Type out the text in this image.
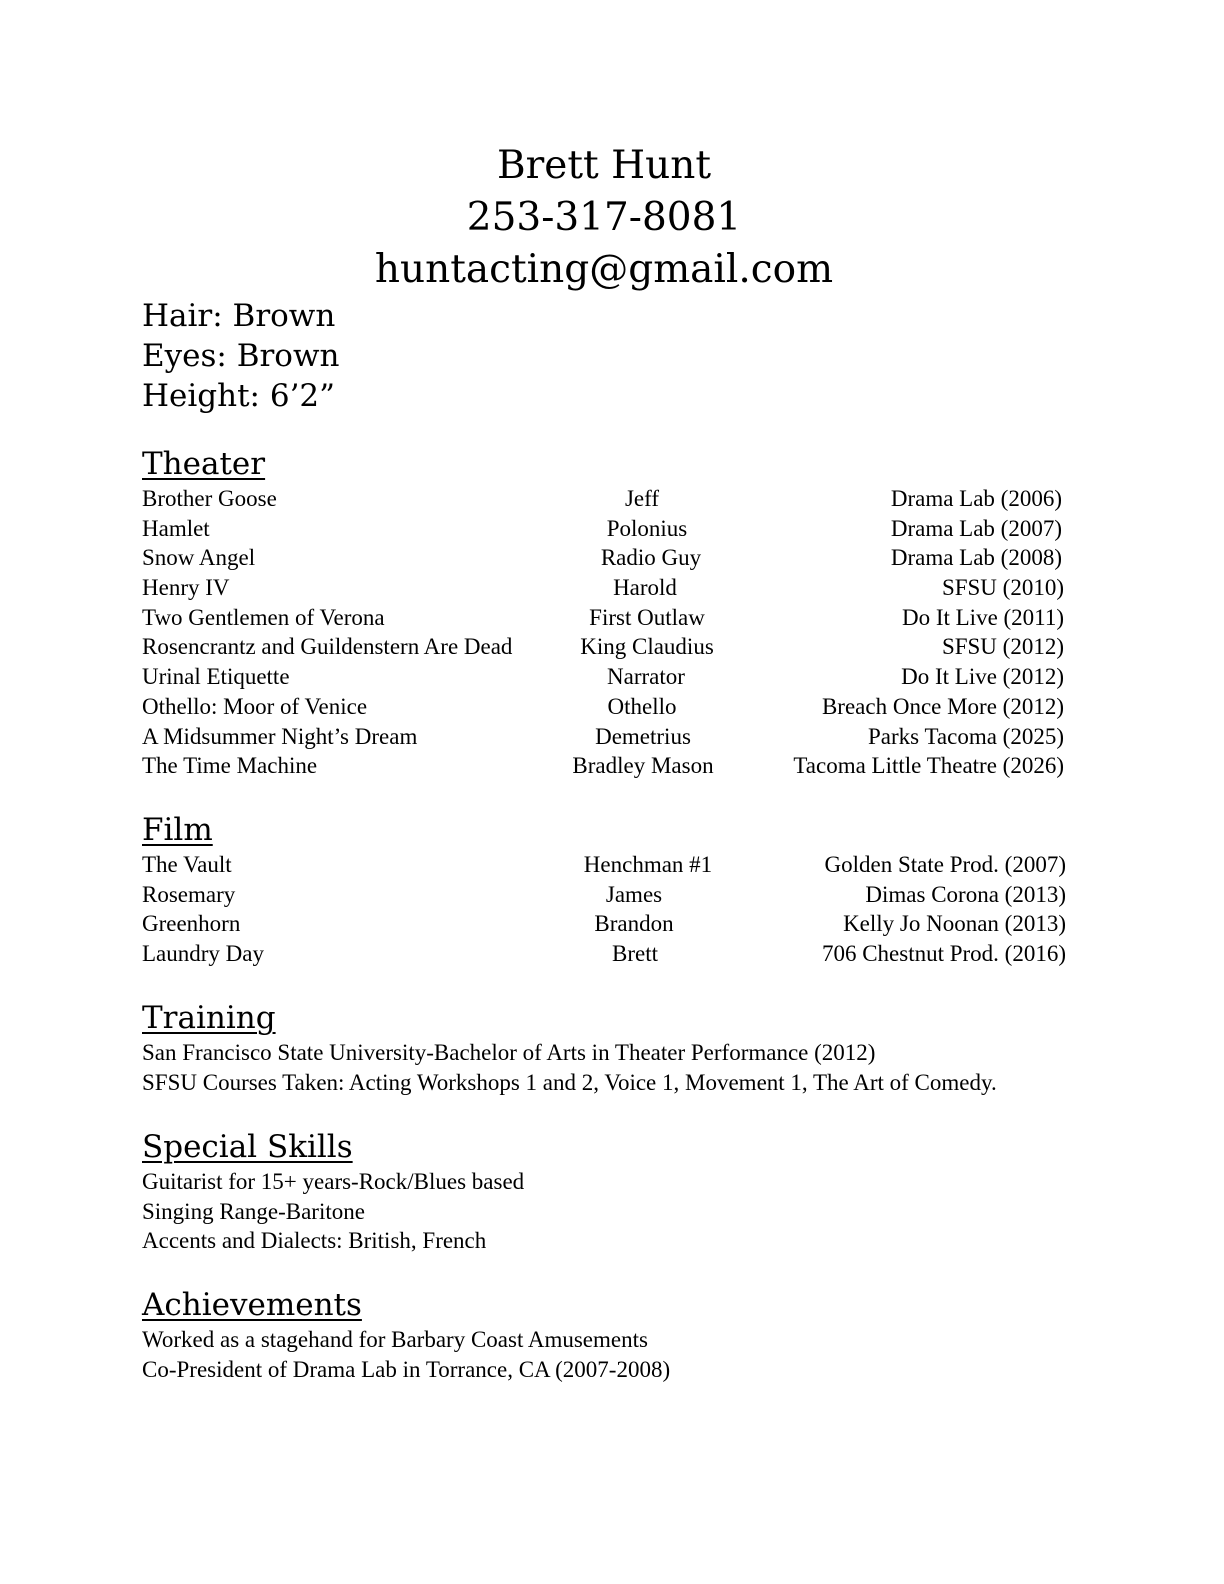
Brett Hunt
253-317-8081
huntacting@gmail.com
Hair: Brown
Eyes: Brown
Height: 6’2”
Theater
Brother Goose	Jeff	Drama Lab (2006)
Hamlet	Polonius	Drama Lab (2007)
Snow Angel	Radio Guy	Drama Lab (2008)
Henry IV	Harold	SFSU (2010)
Two Gentlemen of Verona	First Outlaw	Do It Live (2011)
Rosencrantz and Guildenstern Are Dead	King Claudius	SFSU (2012)
Urinal Etiquette	Narrator	Do It Live (2012)
Othello: Moor of Venice	Othello	Breach Once More (2012)
A Midsummer Night’s Dream	Demetrius	Parks Tacoma (2025)
The Time Machine	Bradley Mason	Tacoma Little Theatre (2026)
Film
The Vault	Henchman #1	Golden State Prod. (2007)
Rosemary	James	Dimas Corona (2013)
Greenhorn	Brandon	Kelly Jo Noonan (2013)
Laundry Day	Brett	706 Chestnut Prod. (2016)
Training
San Francisco State University-Bachelor of Arts in Theater Performance (2012)
SFSU Courses Taken: Acting Workshops 1 and 2, Voice 1, Movement 1, The Art of Comedy.
Special Skills
Guitarist for 15+ years-Rock/Blues based
Singing Range-Baritone
Accents and Dialects: British, French
Achievements
Worked as a stagehand for Barbary Coast Amusements
Co-President of Drama Lab in Torrance, CA (2007-2008)
